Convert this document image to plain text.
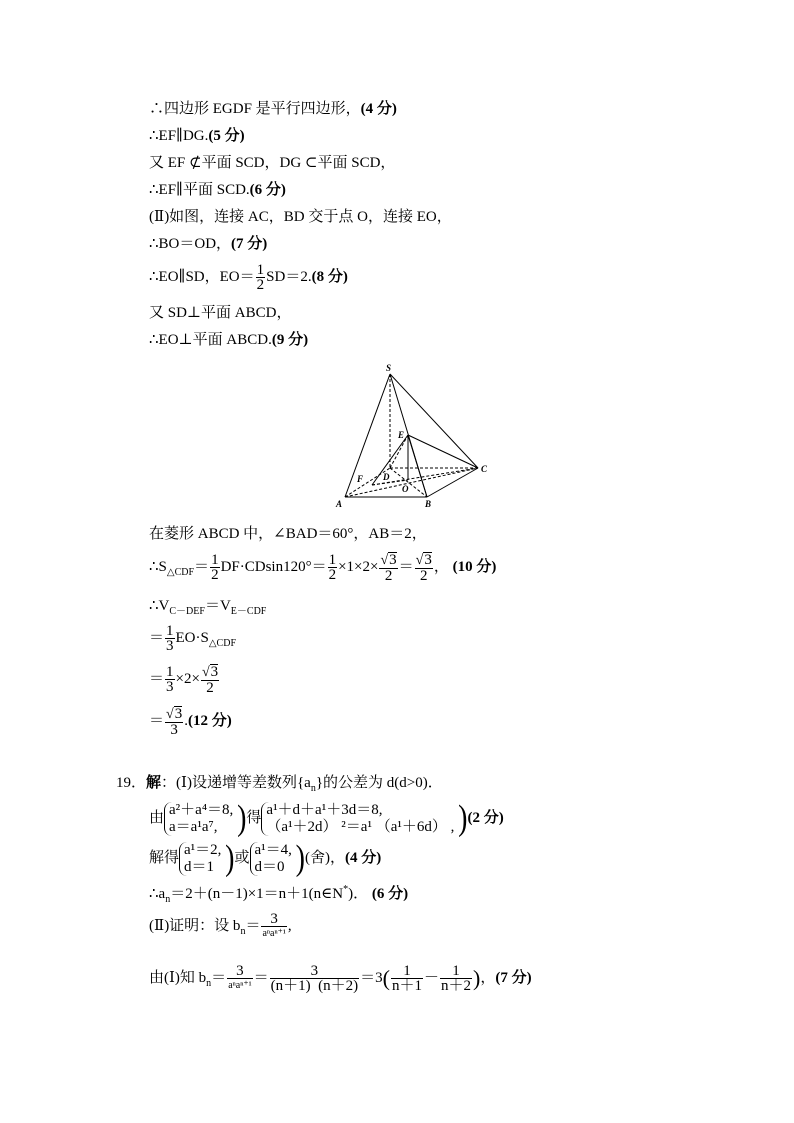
∴四边形 EGDF 是平行四边形，(4 分)
∴EF∥DG.(5 分)
又 EF ⊄平面 SCD，DG ⊂平面 SCD，
∴EF∥平面 SCD.(6 分)
(Ⅱ)如图，连接 AC，BD 交于点 O，连接 EO，
∴BO＝OD，(7 分)
∴EO∥SD，$EO= \frac{1}{2} SD=2.(8$ 分)
又 SD⊥平面 ABCD，
∴EO⊥平面 ABCD.(9 分)
S
E
F D
O
C
A	B
在菱形 ABCD 中，∠BAD＝60°，AB＝2，
$\therefore S_{\triangle CDF}= \frac{1}{2} DF\cdot CDsin120^\circ= \frac{1}{2} \times 1\times 2\times \frac{√3}{2} = \frac{√3}{2}$ ， (10 分)
$\therefore V_{C-DEF}=V_{E-CDF}$
＝ $\frac{1}{3} EO\cdot S_{\triangle CDF}$
＝ $\frac{1}{3} \times 2\times \frac{√3}{2}$
＝ $\frac{√3}{3} .(12$ 分)
19．解：(Ⅰ)设递增等差数列$\{a_n\}$的公差为 d(d>0)．
由
a²＋a⁴＝8,
a＝a¹a⁷, )得
a¹＋d＋a¹＋3d＝8,
（a¹＋2d） ²＝a¹ （a¹＋6d） , )(2 分)
解得
a¹＝2,
d＝1 )或
a¹＝4,
d＝0 )(舍)，(4 分)
$\therefore a_n=2+(n-1)\times 1=n+1(n\in N^*)$． (6 分)
(Ⅱ)证明：设 $b_n= \frac{3}{\text{aⁿaⁿ⁺¹}}$ ,
由(Ⅰ)知 $b_n= \frac{3}{\text{aⁿaⁿ⁺¹}} = \frac{3}{(n+1) (n+2)} =3( \frac{1}{n+1} - \frac{1}{n+2}$ )，(7 分)
